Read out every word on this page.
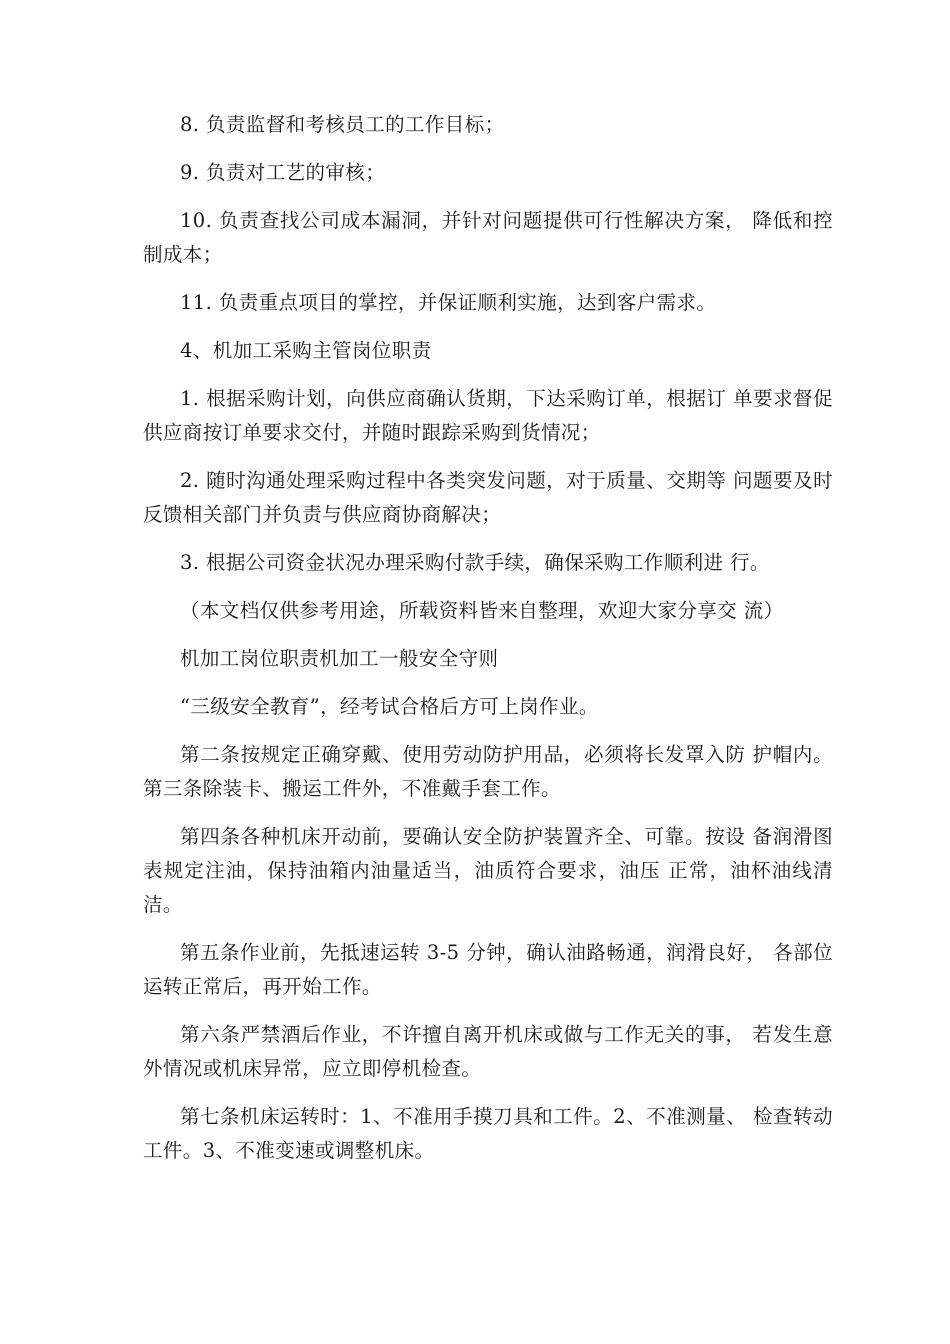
8. 负责监督和考核员工的工作目标；

9. 负责对工艺的审核；

10. 负责查找公司成本漏洞，并针对问题提供可行性解决方案， 降低和控制成本；

11. 负责重点项目的掌控，并保证顺利实施，达到客户需求。

4、机加工采购主管岗位职责

1. 根据采购计划，向供应商确认货期，下达采购订单，根据订 单要求督促供应商按订单要求交付，并随时跟踪采购到货情况；

2. 随时沟通处理采购过程中各类突发问题，对于质量、交期等 问题要及时反馈相关部门并负责与供应商协商解决；

3. 根据公司资金状况办理采购付款手续，确保采购工作顺利进 行。

（本文档仅供参考用途，所载资料皆来自整理，欢迎大家分享交 流）

机加工岗位职责机加工一般安全守则

“三级安全教育”，经考试合格后方可上岗作业。

第二条按规定正确穿戴、使用劳动防护用品，必须将长发罩入防 护帽内。第三条除装卡、搬运工件外，不准戴手套工作。

第四条各种机床开动前，要确认安全防护装置齐全、可靠。按设 备润滑图表规定注油，保持油箱内油量适当，油质符合要求，油压 正常，油杯油线清洁。

第五条作业前，先抵速运转 3-5 分钟，确认油路畅通，润滑良好， 各部位运转正常后，再开始工作。

第六条严禁酒后作业，不许擅自离开机床或做与工作无关的事， 若发生意外情况或机床异常，应立即停机检查。

第七条机床运转时：1、不准用手摸刀具和工件。2、不准测量、 检查转动工件。3、不准变速或调整机床。
